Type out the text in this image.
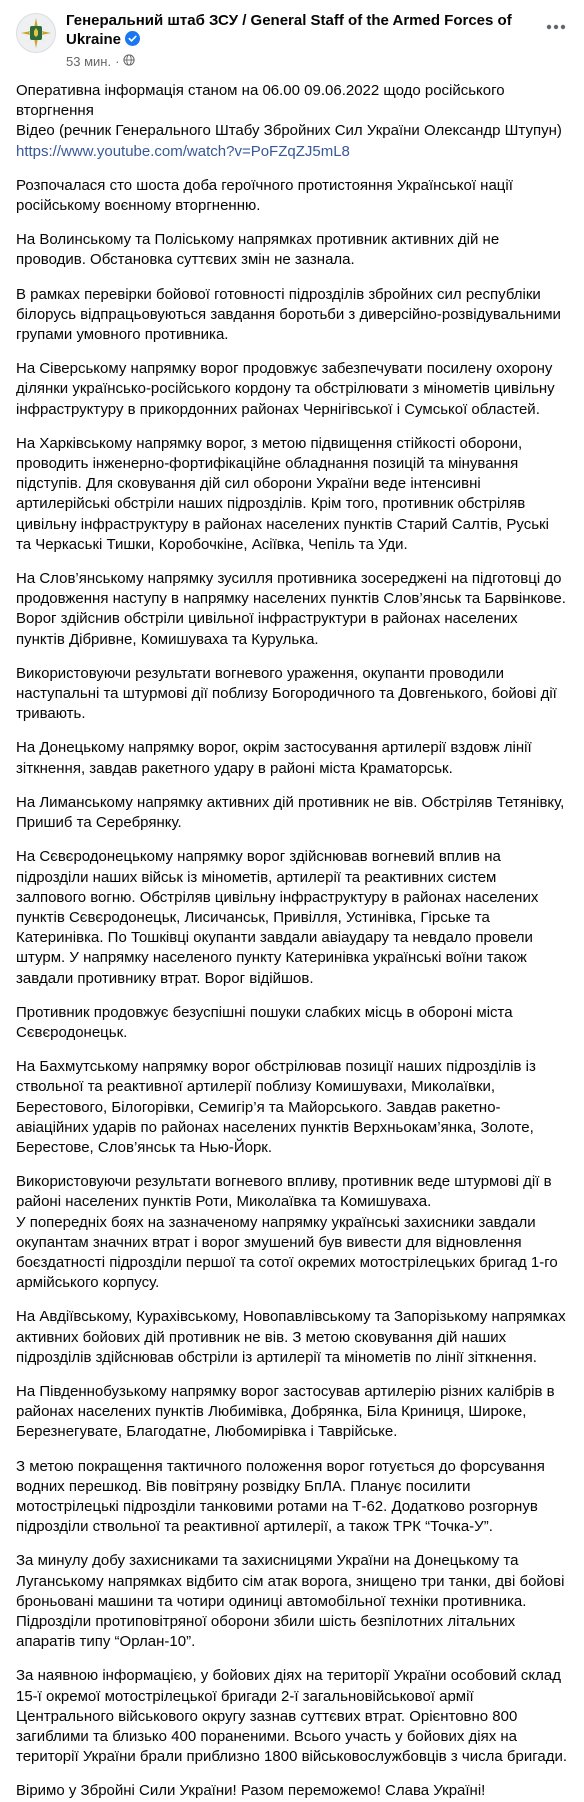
Генеральний штаб ЗСУ / General Staff of the Armed Forces of Ukraine
53 мин. ·

Оперативна інформація станом на 06.00 09.06.2022 щодо російського вторгнення
Відео (речник Генерального Штабу Збройних Сил України Олександр Штупун)
https://www.youtube.com/watch?v=PoFZqZJ5mL8

Розпочалася сто шоста доба героїчного протистояння Української нації російському воєнному вторгненню.

На Волинському та Поліському напрямках противник активних дій не проводив. Обстановка суттєвих змін не зазнала.

В рамках перевірки бойової готовності підрозділів збройних сил республіки білорусь відпрацьовуються завдання боротьби з диверсійно-розвідувальними групами умовного противника.

На Сіверському напрямку ворог продовжує забезпечувати посилену охорону ділянки українсько-російського кордону та обстрілювати з мінометів цивільну інфраструктуру в прикордонних районах Чернігівської і Сумської областей.

На Харківському напрямку ворог, з метою підвищення стійкості оборони, проводить інженерно-фортифікаційне обладнання позицій та мінування підступів. Для сковування дій сил оборони України веде інтенсивні артилерійські обстріли наших підрозділів. Крім того, противник обстріляв цивільну інфраструктуру в районах населених пунктів Старий Салтів, Руські та Черкаські Тишки, Коробочкіне, Асіївка, Чепіль та Уди.

На Слов’янському напрямку зусилля противника зосереджені на підготовці до продовження наступу в напрямку населених пунктів Слов’янськ та Барвінкове. Ворог здійснив обстріли цивільної інфраструктури в районах населених пунктів Дібривне, Комишуваха та Курулька.

Використовуючи результати вогневого ураження, окупанти проводили наступальні та штурмові дії поблизу Богородичного та Довгенького, бойові дії тривають.

На Донецькому напрямку ворог, окрім застосування артилерії вздовж лінії зіткнення, завдав ракетного удару в районі міста Краматорськ.

На Лиманському напрямку активних дій противник не вів. Обстріляв Тетянівку, Пришиб та Серебрянку.

На Сєвєродонецькому напрямку ворог здійснював вогневий вплив на підрозділи наших військ із мінометів, артилерії та реактивних систем залпового вогню. Обстріляв цивільну інфраструктуру в районах населених пунктів Сєвєродонецьк, Лисичанськ, Привілля, Устинівка, Гірське та Катеринівка. По Тошківці окупанти завдали авіаудару та невдало провели штурм. У напрямку населеного пункту Катеринівка українські воїни також завдали противнику втрат. Ворог відійшов.

Противник продовжує безуспішні пошуки слабких місць в обороні міста Сєвєродонецьк.

На Бахмутському напрямку ворог обстрілював позиції наших підрозділів із ствольної та реактивної артилерії поблизу Комишувахи, Миколаївки, Берестового, Білогорівки, Семигір’я та Майорського. Завдав ракетно-авіаційних ударів по районах населених пунктів Верхньокам’янка, Золоте, Берестове, Слов’янськ та Нью-Йорк.

Використовуючи результати вогневого впливу, противник веде штурмові дії в районі населених пунктів Роти, Миколаївка та Комишуваха.
У попередніх боях на зазначеному напрямку українські захисники завдали окупантам значних втрат і ворог змушений був вивести для відновлення боєздатності підрозділи першої та сотої окремих мотострілецьких бригад 1-го армійського корпусу.

На Авдіївському, Курахівському, Новопавлівському та Запорізькому напрямках активних бойових дій противник не вів. З метою сковування дій наших підрозділів здійснював обстріли із артилерії та мінометів по лінії зіткнення.

На Південнобузькому напрямку ворог застосував артилерію різних калібрів в районах населених пунктів Любимівка, Добрянка, Біла Криниця, Широке, Березнегувате, Благодатне, Любомирівка і Таврійське.

З метою покращення тактичного положення ворог готується до форсування водних перешкод. Вів повітряну розвідку БпЛА. Планує посилити мотострілецькі підрозділи танковими ротами на Т-62. Додатково розгорнув підрозділи ствольної та реактивної артилерії, а також ТРК “Точка-У”.

За минулу добу захисниками та захисницями України на Донецькому та Луганському напрямках відбито сім атак ворога, знищено три танки, дві бойові броньовані машини та чотири одиниці автомобільної техніки противника. Підрозділи протиповітряної оборони збили шість безпілотних літальних апаратів типу “Орлан-10”.

За наявною інформацією, у бойових діях на території України особовий склад 15-ї окремої мотострілецької бригади 2-ї загальновійськової армії Центрального військового округу зазнав суттєвих втрат. Орієнтовно 800 загиблими та близько 400 пораненими. Всього участь у бойових діях на території України брали приблизно 1800 військовослужбовців з числа бригади.

Віримо у Збройні Сили України! Разом переможемо! Слава Україні!
